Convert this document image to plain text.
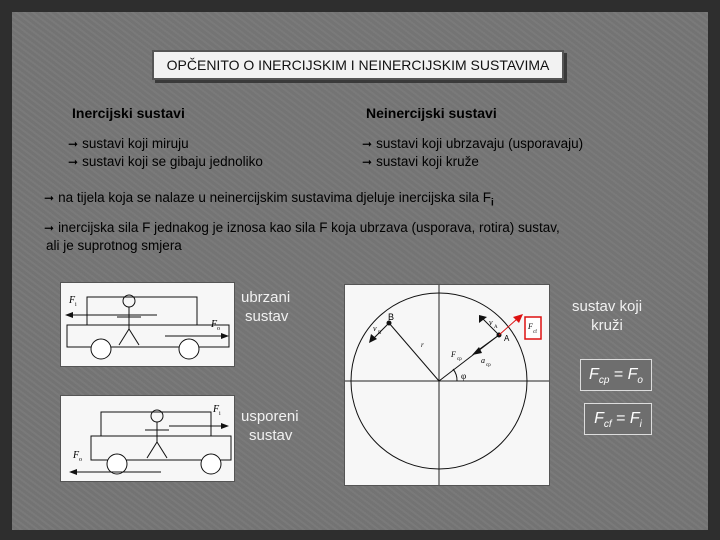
OPČENITO O INERCIJSKIM I NEINERCIJSKIM SUSTAVIMA
Inercijski sustavi	Neinercijski sustavi
➞ sustavi koji miruju
➞ sustavi koji se gibaju jednoliko
➞ sustavi koji ubrzavaju (usporavaju)
➞ sustavi koji kruže
➞ na tijela koja se nalaze u neinercijskim sustavima djeluje inercijska sila $F_i$
➞ inercijska sila F jednakog je iznosa kao sila F koja ubrzava (usporava, rotira) sustav,
ali je suprotnog smjera
F i
F o
ubrzani
sustav
F i
F o
usporeni
sustav
B
A
φ
F
cp a
cp
v
A
v
B
r
F
cf
sustav koji
kruži
$F_{cp} = F_o$
$F_{cf} = F_i$
